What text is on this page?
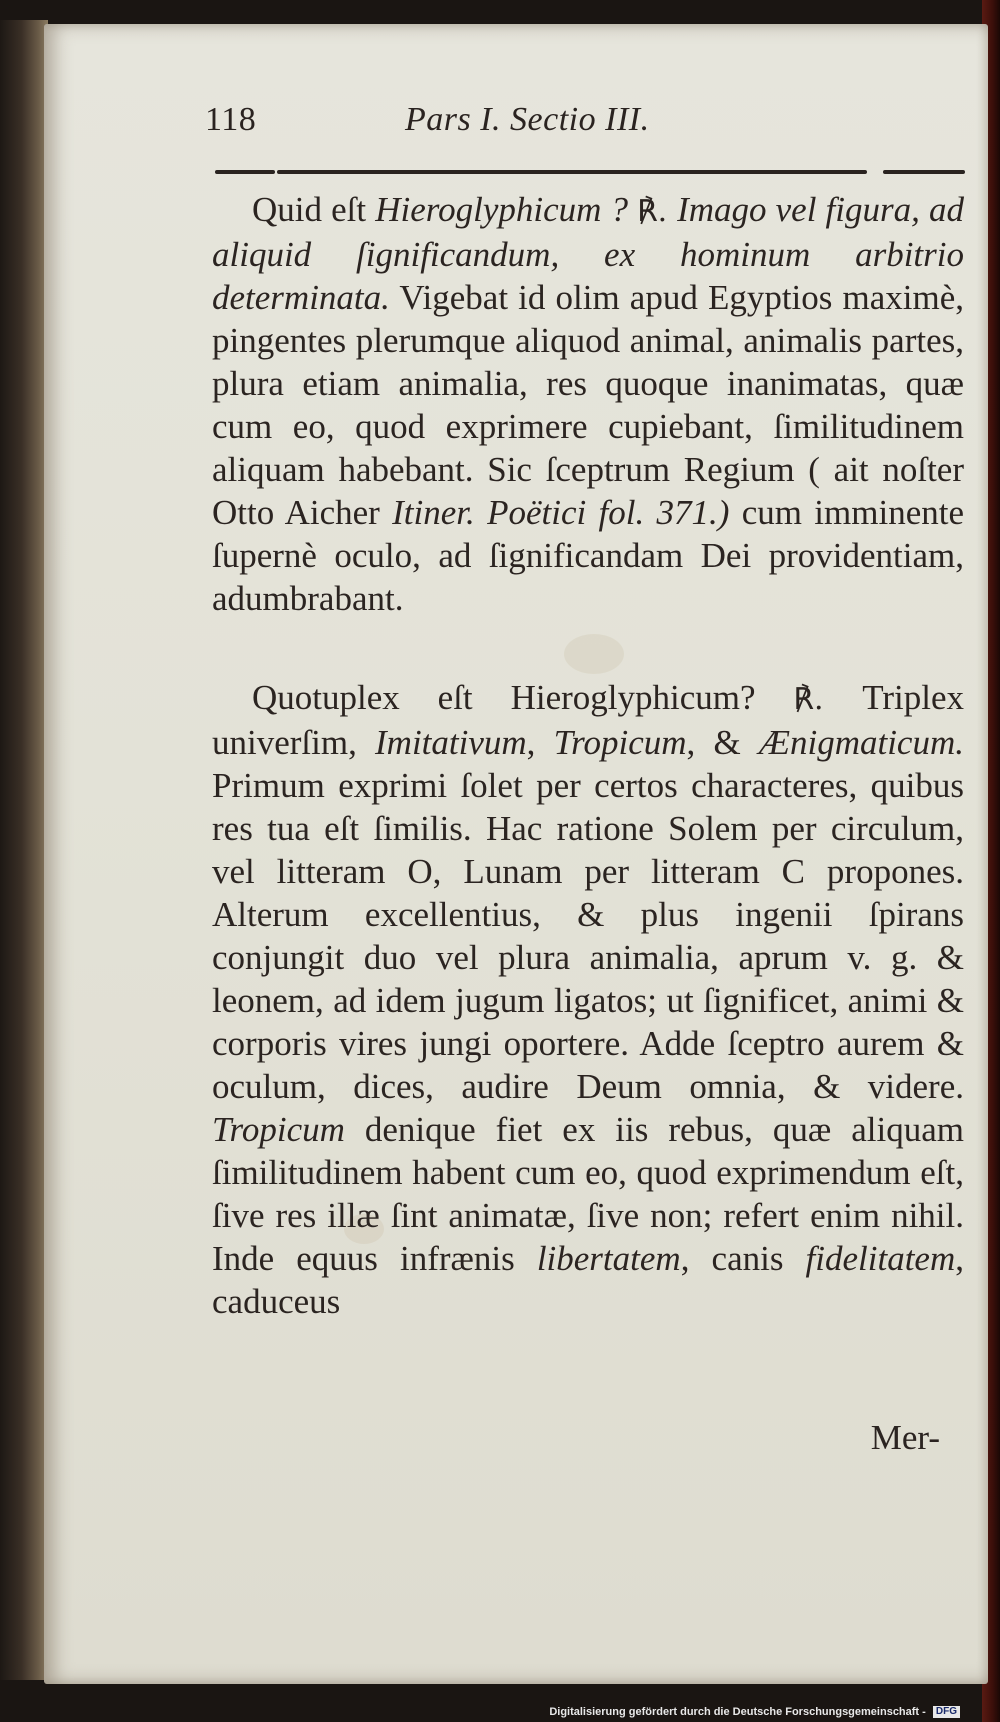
118	Pars I. Sectio III.

Quid eſt Hieroglyphicum ? ℟. Imago vel figura, ad aliquid ſignificandum, ex hominum arbitrio determinata. Vigebat id olim apud Egyptios maximè, pingentes plerumque aliquod animal, animalis partes, plura etiam animalia, res quoque inanimatas, quæ cum eo, quod exprimere cupiebant, ſimilitudinem aliquam habebant. Sic ſceptrum Regium ( ait noſter Otto Aicher Itiner. Poëtici fol. 371.) cum imminente ſupernè oculo, ad ſignificandam Dei providentiam, adumbrabant.

Quotuplex eſt Hieroglyphicum? ℟. Triplex univerſim, Imitativum, Tropicum, & Ænigmaticum. Primum exprimi ſolet per certos characteres, quibus res tua eſt ſimilis. Hac ratione Solem per circulum, vel litteram O, Lunam per litteram C propones. Alterum excellentius, & plus ingenii ſpirans conjungit duo vel plura animalia, aprum v. g. & leonem, ad idem jugum ligatos; ut ſignificet, animi & corporis vires jungi oportere. Adde ſceptro aurem & oculum, dices, audire Deum omnia, & videre. Tropicum denique fiet ex iis rebus, quæ aliquam ſimilitudinem habent cum eo, quod exprimendum eſt, ſive res illæ ſint animatæ, ſive non; refert enim nihil. Inde equus infrænis libertatem, canis fidelitatem, caduceus

Mer-
Digitalisierung gefördert durch die Deutsche Forschungsgemeinschaft - DFG
